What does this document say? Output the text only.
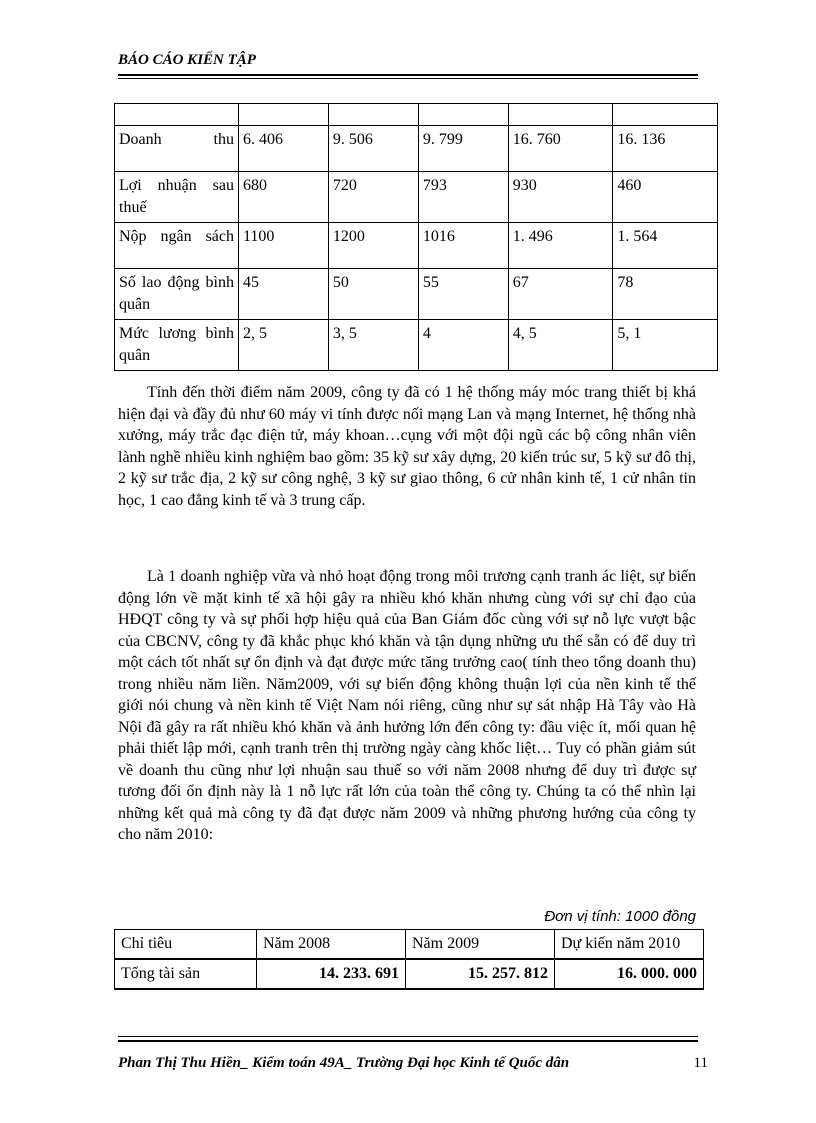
BÁO CÁO KIẾN TẬP

Doanh thu	6. 406	9. 506	9. 799	16. 760	16. 136
Lợi nhuận sau thuế	680	720	793	930	460
Nộp ngân sách	1100	1200	1016	1. 496	1. 564
Số lao động bình quân	45	50	55	67	78
Mức lương bình quân	2, 5	3, 5	4	4, 5	5, 1
Tính đến thời điểm năm 2009, công ty đã có 1 hệ thống máy móc trang thiết bị khá hiện đại và đầy đủ như 60 máy vi tính được nối mạng Lan và mạng Internet, hệ thống nhà xưởng, máy trắc đạc điện tử, máy khoan…cụng với một đội ngũ các bộ công nhân viên lành nghề nhiều kinh nghiệm bao gồm: 35 kỹ sư xây dựng, 20 kiến trúc sư, 5 kỹ sư đô thị, 2 kỹ sư trắc địa, 2 kỹ sư công nghệ, 3 kỹ sư giao thông, 6 cử nhân kinh tế, 1 cử nhân tin học, 1 cao đẳng kinh tế và 3 trung cấp.
Là 1 doanh nghiệp vừa và nhỏ hoạt động trong môi trương cạnh tranh ác liệt, sự biến động lớn về mặt kinh tế xã hội gây ra nhiều khó khăn nhưng cùng với sự chỉ đạo của HĐQT công ty và sự phối hợp hiệu quả của Ban Giám đốc cùng với sự nỗ lực vượt bậc của CBCNV, công ty đã khắc phục khó khăn và tận dụng những ưu thế sẵn có để duy trì một cách tốt nhất sự ổn định và đạt được mức tăng trưởng cao( tính theo tổng doanh thu) trong nhiều năm liền. Năm2009, với sự biến động không thuận lợi của nền kinh tế thế giới nói chung và nền kinh tế Việt Nam nói riêng, cũng như sự sát nhập Hà Tây vào Hà Nội đã gây ra rất nhiều khó khăn và ảnh hưởng lớn đến công ty: đầu việc ít, mối quan hệ phải thiết lập mới, cạnh tranh trên thị trường ngày càng khốc liệt… Tuy có phần giảm sút về doanh thu cũng như lợi nhuận sau thuế so với năm 2008 nhưng để duy trì được sự tương đối ổn định này là 1 nỗ lực rất lớn của toàn thể công ty. Chúng ta có thể nhìn lại những kết quả mà công ty đã đạt được năm 2009 và những phương hướng của công ty cho năm 2010:
Đơn vị tính: 1000 đồng
Chỉ tiêu	Năm 2008	Năm 2009	Dự kiến năm 2010
Tổng tài sản	14. 233. 691	15. 257. 812	16. 000. 000
Phan Thị Thu Hiền_ Kiểm toán 49A_ Trường Đại học Kinh tế Quốc dân	11
